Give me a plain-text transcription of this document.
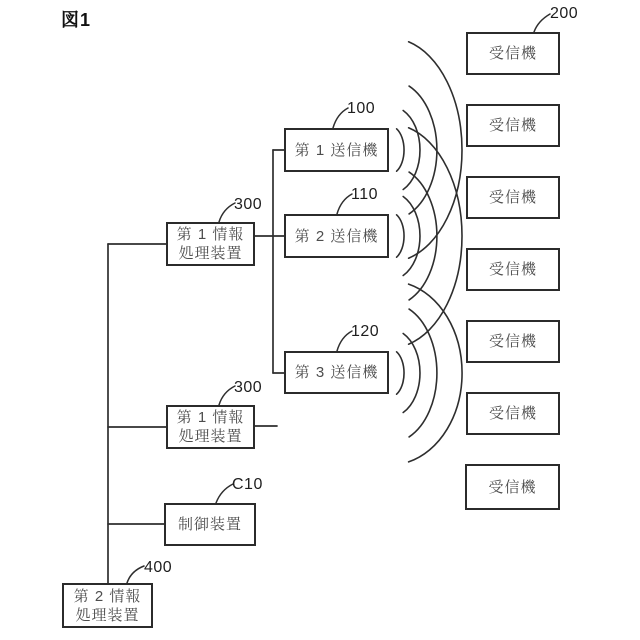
図1
100
110
120
300
300
C10
400
200
第 1 送信機
第 2 送信機
第 3 送信機
第 1 情報
処理装置
第 1 情報
処理装置
制御装置
第 2 情報
処理装置
受信機
受信機
受信機
受信機
受信機
受信機
受信機
